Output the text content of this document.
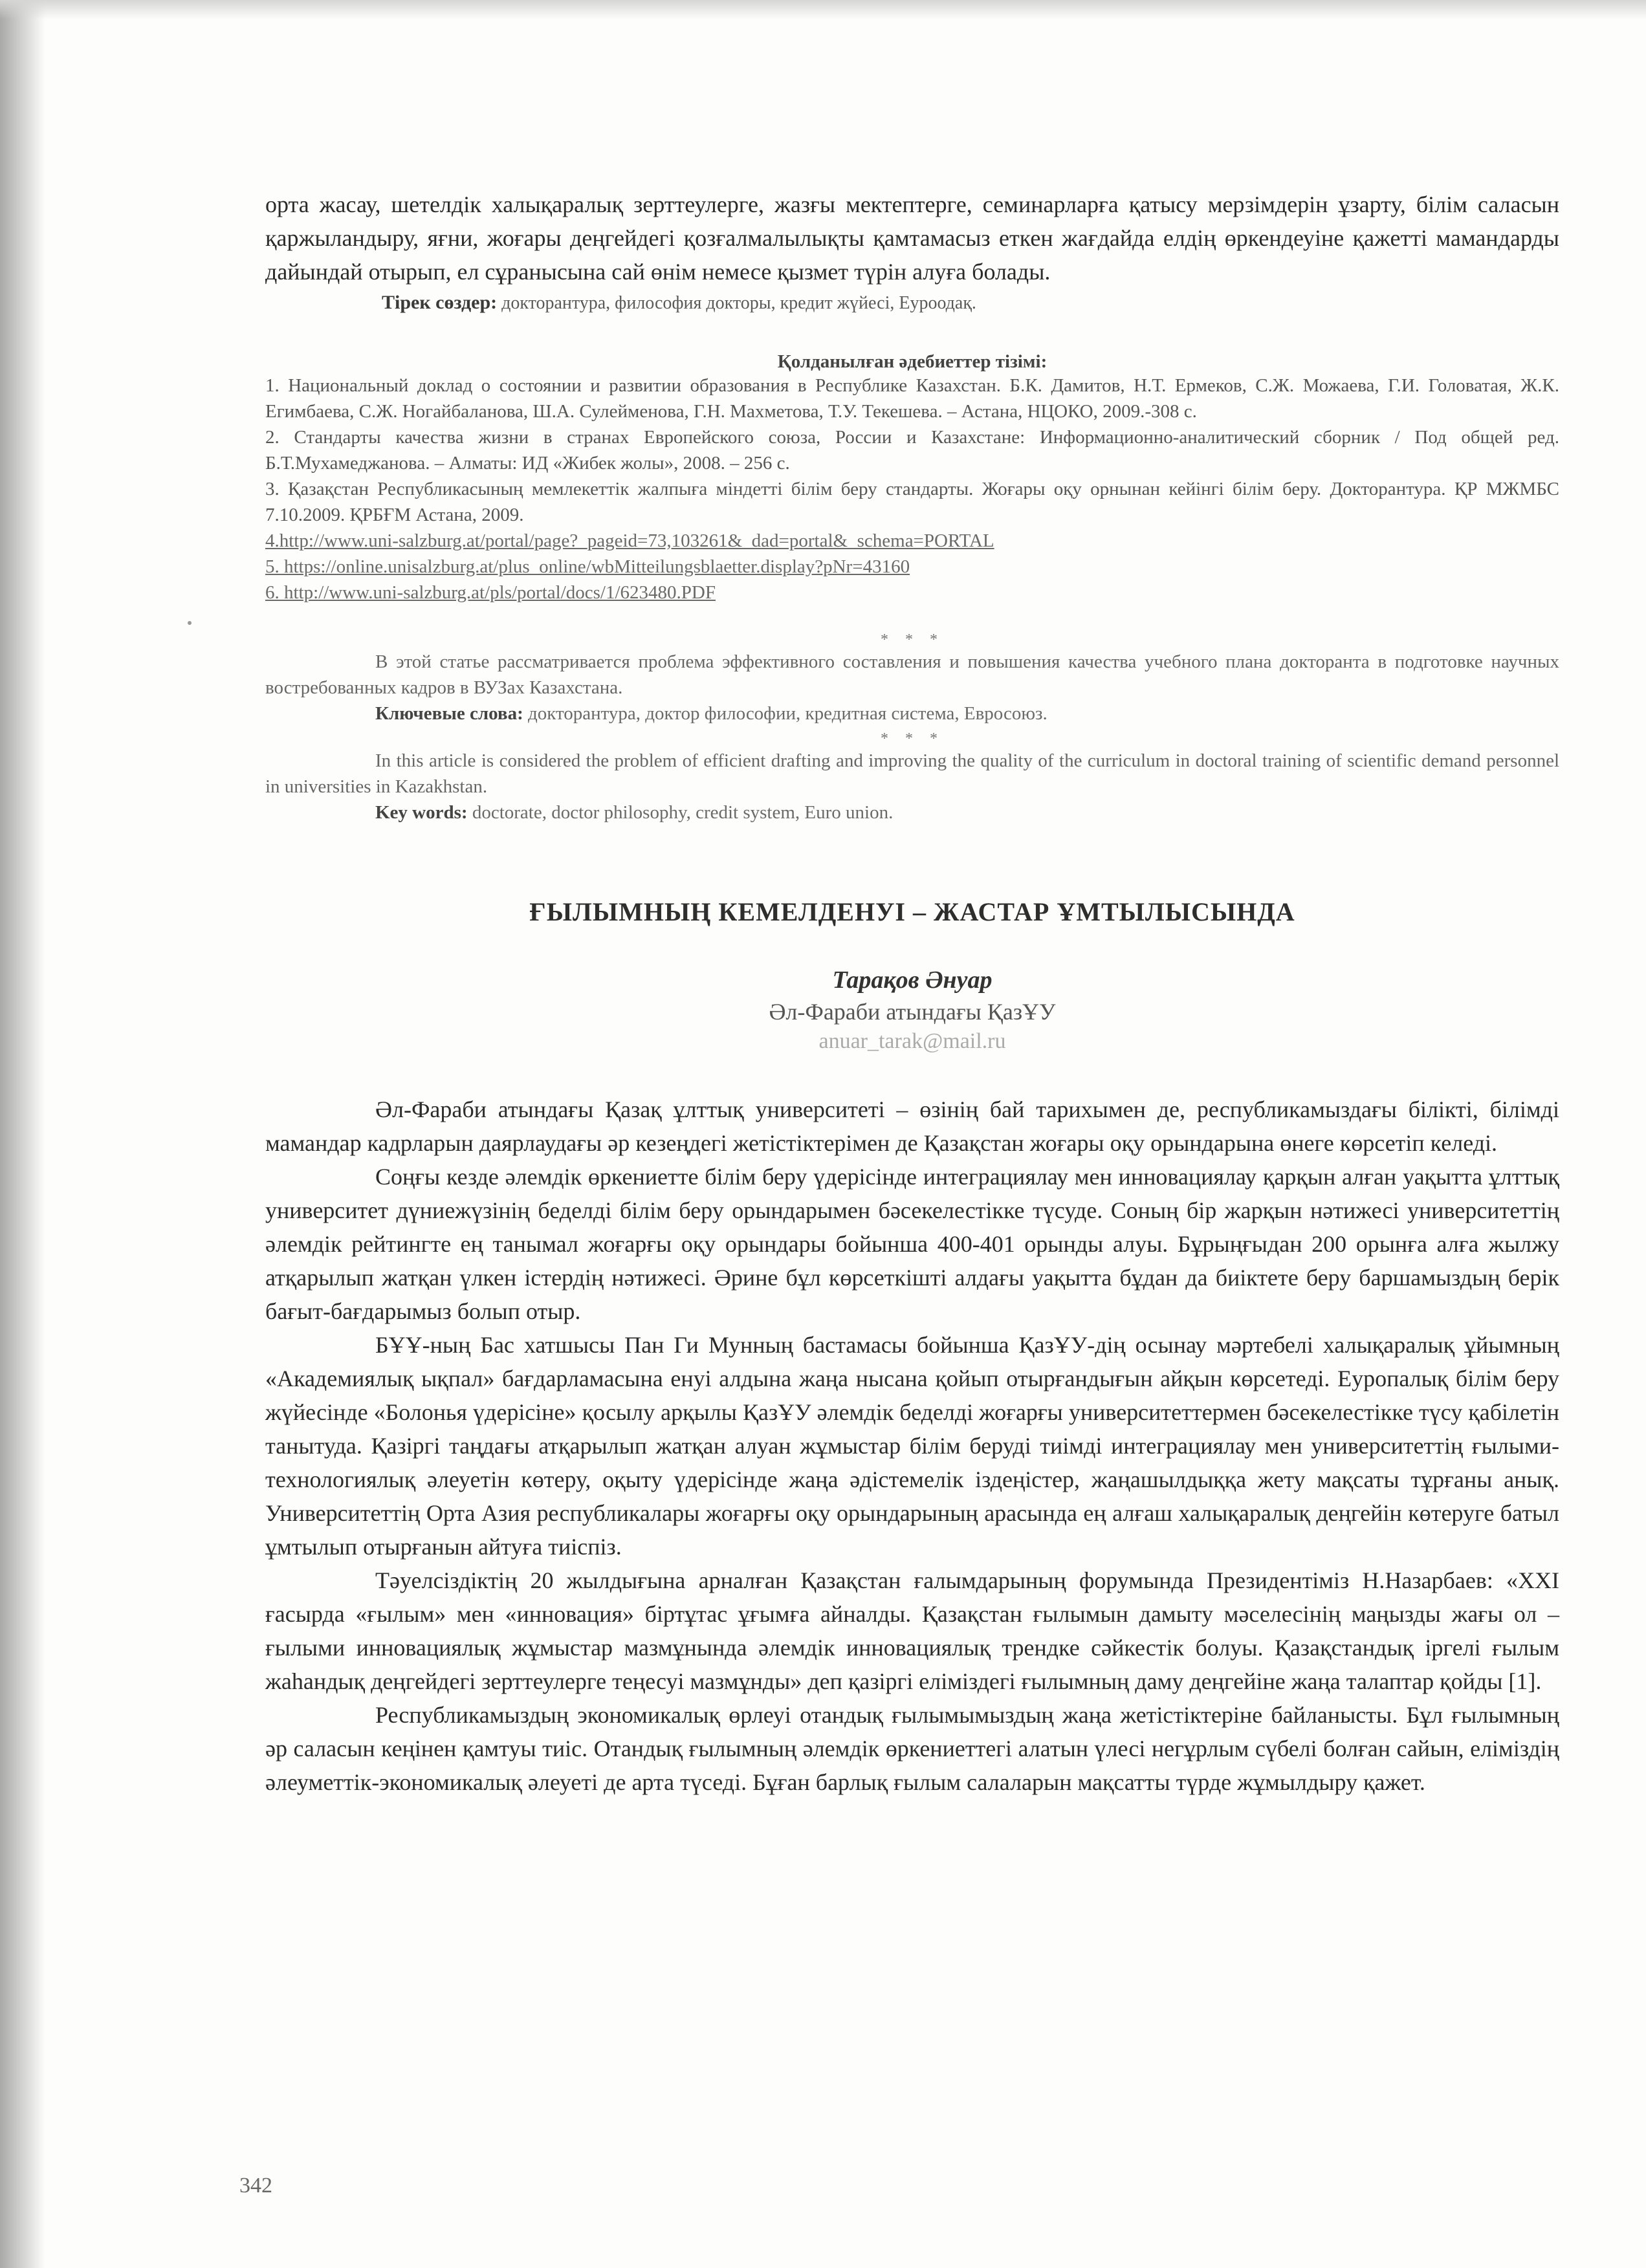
орта жасау, шетелдік халықаралық зерттеулерге, жазғы мектептерге, семинарларға қатысу мерзімдерін ұзарту, білім саласын қаржыландыру, яғни, жоғары деңгейдегі қозғалмалылықты қамтамасыз еткен жағдайда елдің өркендеуіне қажетті мамандарды дайындай отырып, ел сұранысына сай өнім немесе қызмет түрін алуға болады.

Тірек сөздер: докторантура, философия докторы, кредит жүйесі, Еуроодақ.

Қолданылған әдебиеттер тізімі:

1. Национальный доклад о состоянии и развитии образования в Республике Казахстан. Б.К. Дамитов, Н.Т. Ермеков, С.Ж. Можаева, Г.И. Головатая, Ж.К. Егимбаева, С.Ж. Ногайбаланова, Ш.А. Сулейменова, Г.Н. Махметова, Т.У. Текешева. – Астана, НЦОКО, 2009.-308 с.

2. Стандарты качества жизни в странах Европейского союза, России и Казахстане: Информационно-аналитический сборник / Под общей ред. Б.Т.Мухамеджанова. – Алматы: ИД «Жибек жолы», 2008. – 256 с.

3. Қазақстан Республикасының мемлекеттік жалпыға міндетті білім беру стандарты. Жоғары оқу орнынан кейінгі білім беру. Докторантура. ҚР МЖМБС 7.10.2009. ҚРБҒМ Астана, 2009.

4.http://www.uni-salzburg.at/portal/page?_pageid=73,103261&_dad=portal&_schema=PORTAL

5. https://online.unisalzburg.at/plus_online/wbMitteilungsblaetter.display?pNr=43160

6. http://www.uni-salzburg.at/pls/portal/docs/1/623480.PDF

* * *

В этой статье рассматривается проблема эффективного составления и повышения качества учебного плана докторанта в подготовке научных востребованных кадров в ВУЗах Казахстана.

Ключевые слова: докторантура, доктор философии, кредитная система, Евросоюз.

* * *

In this article is considered the problem of efficient drafting and improving the quality of the curriculum in doctoral training of scientific demand personnel in universities in Kazakhstan.

Key words: doctorate, doctor philosophy, credit system, Euro union.

ҒЫЛЫМНЫҢ КЕМЕЛДЕНУІ – ЖАСТАР ҰМТЫЛЫСЫНДА
Тарақов Әнуар
Әл-Фараби атындағы ҚазҰУ
anuar_tarak@mail.ru

Әл-Фараби атындағы Қазақ ұлттық университеті – өзінің бай тарихымен де, республикамыздағы білікті, білімді мамандар кадрларын даярлаудағы әр кезеңдегі жетістіктерімен де Қазақстан жоғары оқу орындарына өнеге көрсетіп келеді.

Соңғы кезде әлемдік өркениетте білім беру үдерісінде интеграциялау мен инновациялау қарқын алған уақытта ұлттық университет дүниежүзінің беделді білім беру орындарымен бәсекелестікке түсуде. Соның бір жарқын нәтижесі университеттің әлемдік рейтингте ең танымал жоғарғы оқу орындары бойынша 400-401 орынды алуы. Бұрыңғыдан 200 орынға алға жылжу атқарылып жатқан үлкен істердің нәтижесі. Әрине бұл көрсеткішті алдағы уақытта бұдан да биіктете беру баршамыздың берік бағыт-бағдарымыз болып отыр.

БҰҰ-ның Бас хатшысы Пан Ги Мунның бастамасы бойынша ҚазҰУ-дің осынау мәртебелі халықаралық ұйымның «Академиялық ықпал» бағдарламасына енуі алдына жаңа нысана қойып отырғандығын айқын көрсетеді. Еуропалық білім беру жүйесінде «Болонья үдерісіне» қосылу арқылы ҚазҰУ әлемдік беделді жоғарғы университеттермен бәсекелестікке түсу қабілетін танытуда. Қазіргі таңдағы атқарылып жатқан алуан жұмыстар білім беруді тиімді интеграциялау мен университеттің ғылыми-технологиялық әлеуетін көтеру, оқыту үдерісінде жаңа әдістемелік іздеңістер, жаңашылдыққа жету мақсаты тұрғаны анық. Университеттің Орта Азия республикалары жоғарғы оқу орындарының арасында ең алғаш халықаралық деңгейін көтеруге батыл ұмтылып отырғанын айтуға тиіспіз.

Тәуелсіздіктің 20 жылдығына арналған Қазақстан ғалымдарының форумында Президентіміз Н.Назарбаев: «ХХІ ғасырда «ғылым» мен «инновация» біртұтас ұғымға айналды. Қазақстан ғылымын дамыту мәселесінің маңызды жағы ол – ғылыми инновациялық жұмыстар мазмұнында әлемдік инновациялық трендке сәйкестік болуы. Қазақстандық іргелі ғылым жаһандық деңгейдегі зерттеулерге теңесуі мазмұнды» деп қазіргі еліміздегі ғылымның даму деңгейіне жаңа талаптар қойды [1].

Республикамыздың экономикалық өрлеуі отандық ғылымымыздың жаңа жетістіктеріне байланысты. Бұл ғылымның әр саласын кеңінен қамтуы тиіс. Отандық ғылымның әлемдік өркениеттегі алатын үлесі негұрлым сүбелі болған сайын, еліміздің әлеуметтік-экономикалық әлеуеті де арта түседі. Бұған барлық ғылым салаларын мақсатты түрде жұмылдыру қажет.

342
